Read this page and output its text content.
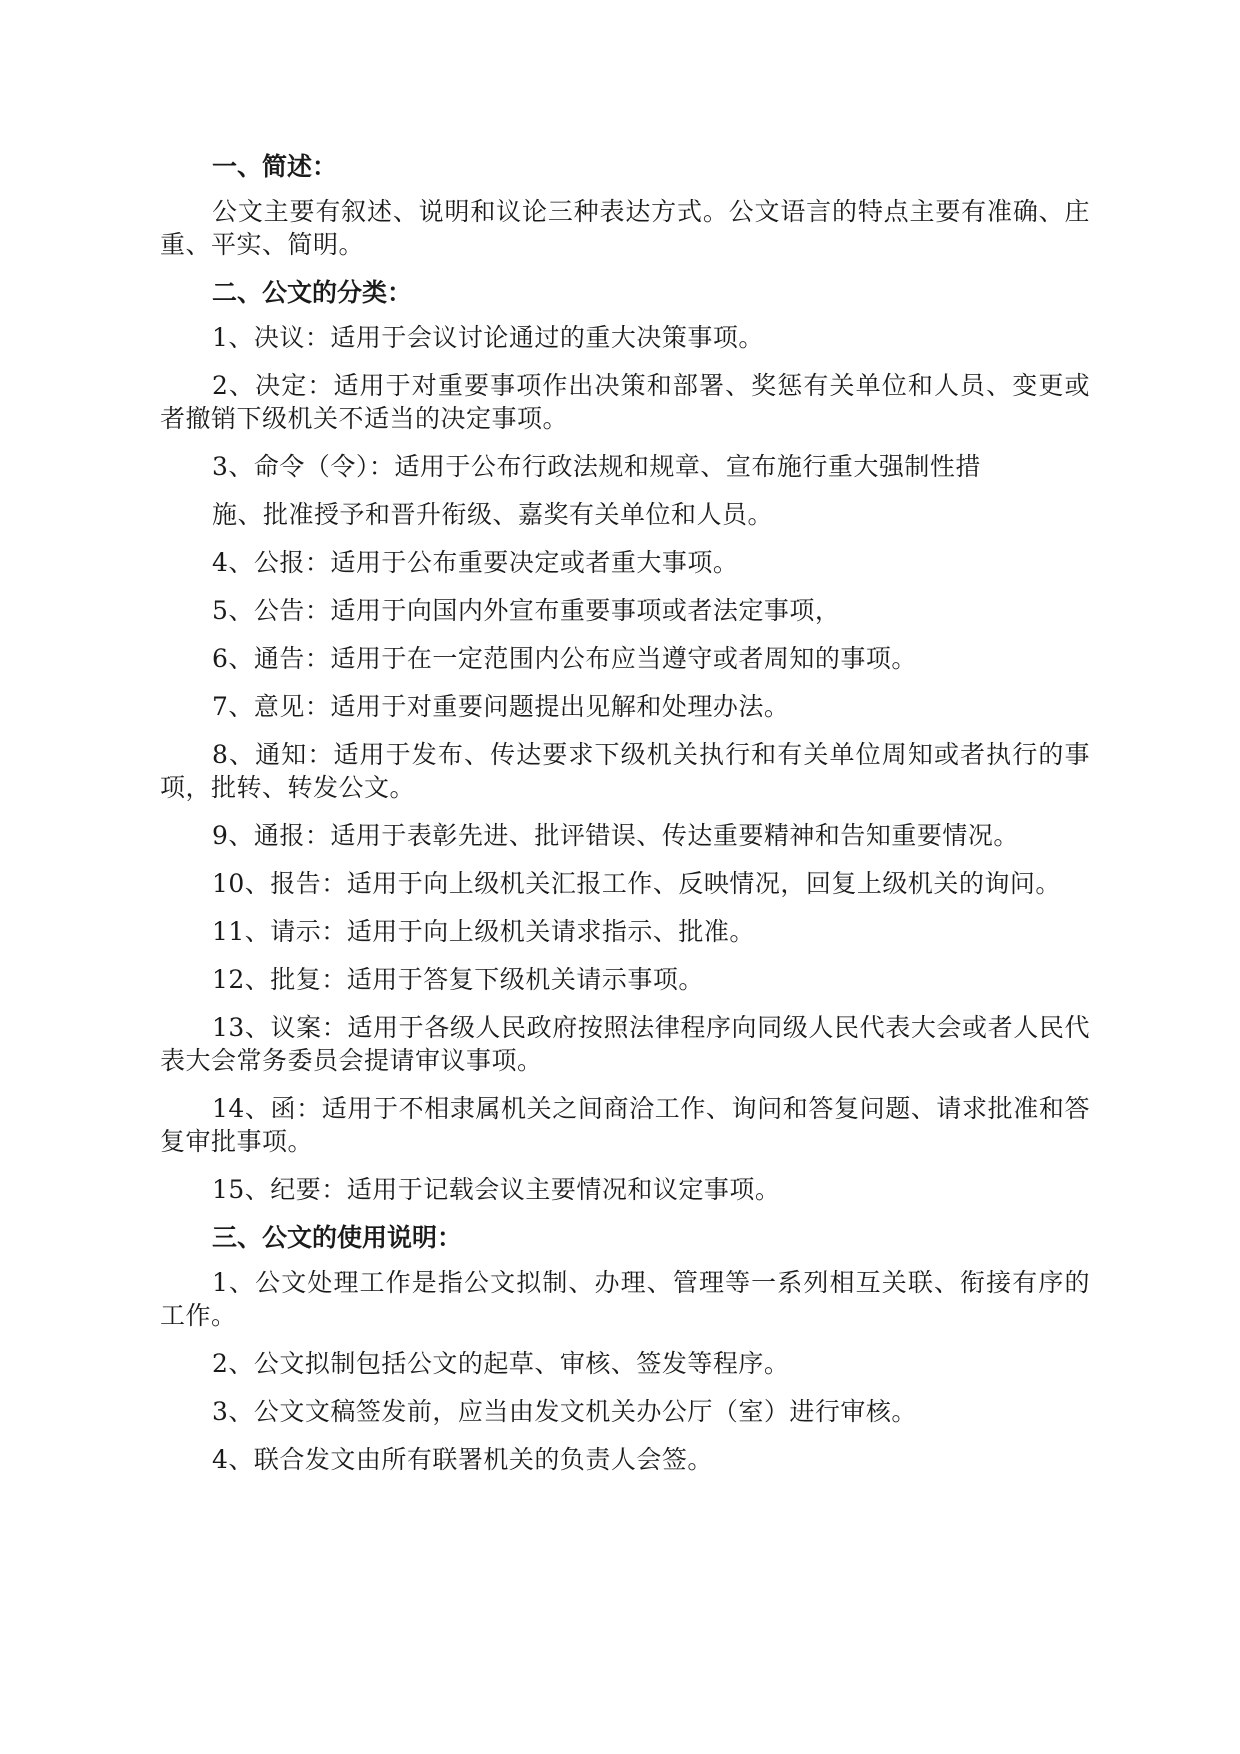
一、简述：

公文主要有叙述、说明和议论三种表达方式。公文语言的特点主要有准确、庄重、平实、简明。

二、公文的分类：

1、决议：适用于会议讨论通过的重大决策事项。

2、决定：适用于对重要事项作出决策和部署、奖惩有关单位和人员、变更或者撤销下级机关不适当的决定事项。

3、命令（令）：适用于公布行政法规和规章、宣布施行重大强制性措

施、批准授予和晋升衔级、嘉奖有关单位和人员。

4、公报：适用于公布重要决定或者重大事项。

5、公告：适用于向国内外宣布重要事项或者法定事项，

6、通告：适用于在一定范围内公布应当遵守或者周知的事项。

7、意见：适用于对重要问题提出见解和处理办法。

8、通知：适用于发布、传达要求下级机关执行和有关单位周知或者执行的事项，批转、转发公文。

9、通报：适用于表彰先进、批评错误、传达重要精神和告知重要情况。

10、报告：适用于向上级机关汇报工作、反映情况，回复上级机关的询问。

11、请示：适用于向上级机关请求指示、批准。

12、批复：适用于答复下级机关请示事项。

13、议案：适用于各级人民政府按照法律程序向同级人民代表大会或者人民代表大会常务委员会提请审议事项。

14、函：适用于不相隶属机关之间商洽工作、询问和答复问题、请求批准和答复审批事项。

15、纪要：适用于记载会议主要情况和议定事项。

三、公文的使用说明：

1、公文处理工作是指公文拟制、办理、管理等一系列相互关联、衔接有序的工作。

2、公文拟制包括公文的起草、审核、签发等程序。

3、公文文稿签发前，应当由发文机关办公厅（室）进行审核。

4、联合发文由所有联署机关的负责人会签。
